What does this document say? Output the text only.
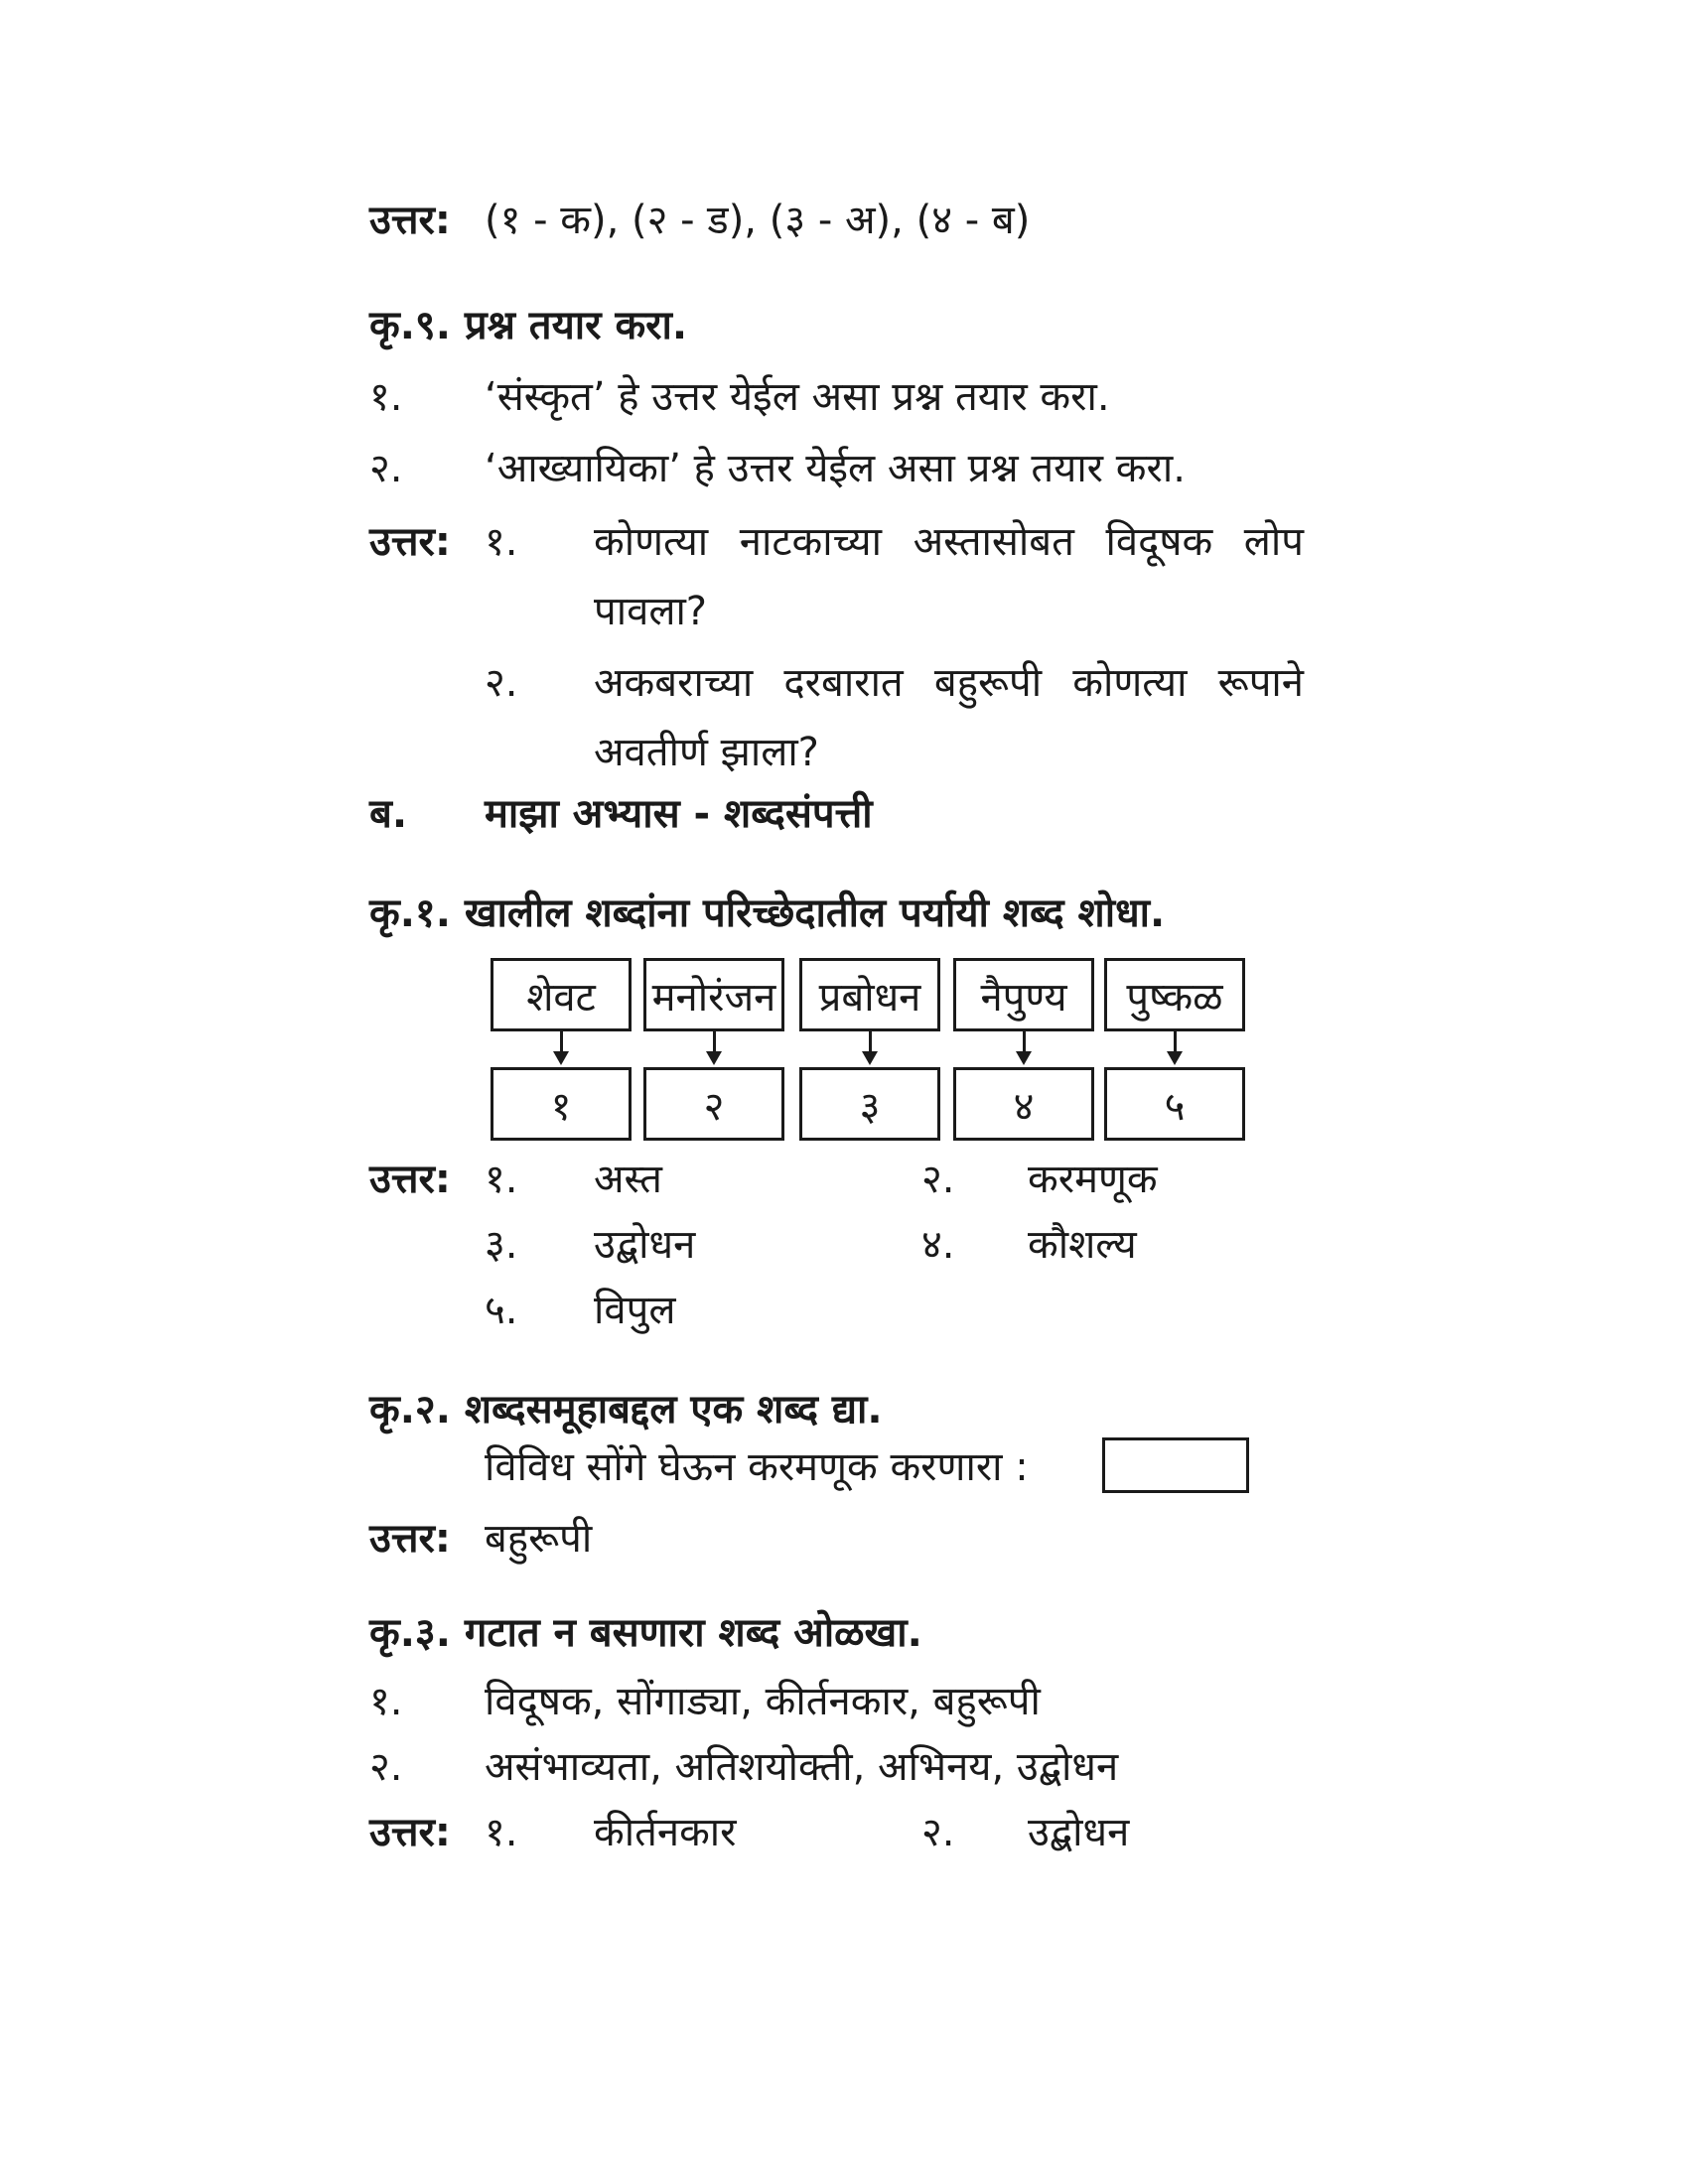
उत्तर: (१ - क), (२ - ड), (३ - अ), (४ - ब)
कृ.९. प्रश्न तयार करा.
१. ‘संस्कृत’ हे उत्तर येईल असा प्रश्न तयार करा.
२. ‘आख्यायिका’ हे उत्तर येईल असा प्रश्न तयार करा.
उत्तर: १. कोणत्या नाटकाच्या अस्तासोबत विदूषक लोप
पावला?
२. अकबराच्या दरबारात बहुरूपी कोणत्या रूपाने
अवतीर्ण झाला?
ब. माझा अभ्यास - शब्दसंपत्ती
कृ.१. खालील शब्दांना परिच्छेदातील पर्यायी शब्द शोधा.
शेवट	मनोरंजन	प्रबोधन	नैपुण्य	पुष्कळ
१	२	३	४	५
उत्तर: १. अस्त	२. करमणूक
३. उद्बोधन	४. कौशल्य
५. विपुल
कृ.२. शब्दसमूहाबद्दल एक शब्द द्या.
विविध सोंगे घेऊन करमणूक करणारा :
उत्तर: बहुरूपी
कृ.३. गटात न बसणारा शब्द ओळखा.
१. विदूषक, सोंगाड्या, कीर्तनकार, बहुरूपी
२. असंभाव्यता, अतिशयोक्ती, अभिनय, उद्बोधन
उत्तर: १. कीर्तनकार	२. उद्बोधन
